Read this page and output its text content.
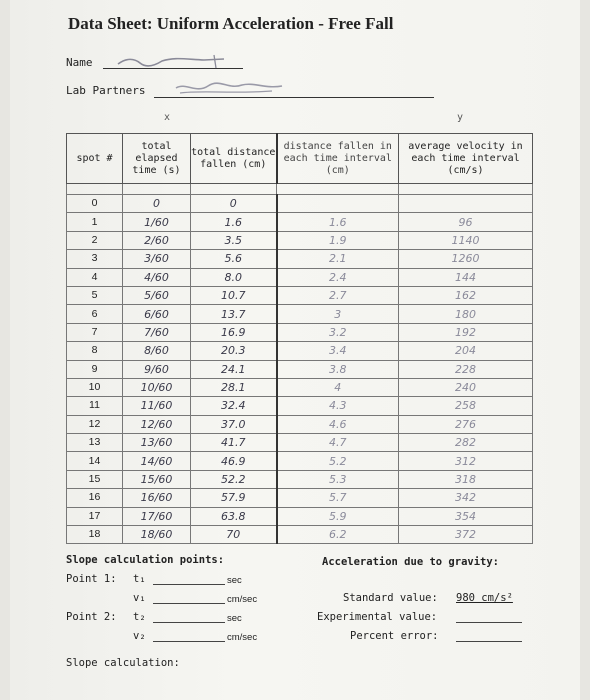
Data Sheet: Uniform Acceleration - Free Fall
Name
Lab Partners
x	y
spot #	total elapsed time (s)	total distance fallen (cm)	distance fallen in each time interval (cm)	average velocity in each time interval (cm/s)

0	0	0		
1	1/60	1.6	1.6	96
2	2/60	3.5	1.9	1140
3	3/60	5.6	2.1	1260
4	4/60	8.0	2.4	144
5	5/60	10.7	2.7	162
6	6/60	13.7	3	180
7	7/60	16.9	3.2	192
8	8/60	20.3	3.4	204
9	9/60	24.1	3.8	228
10	10/60	28.1	4	240
11	11/60	32.4	4.3	258
12	12/60	37.0	4.6	276
13	13/60	41.7	4.7	282
14	14/60	46.9	5.2	312
15	15/60	52.2	5.3	318
16	16/60	57.9	5.7	342
17	17/60	63.8	5.9	354
18	18/60	70	6.2	372
Slope calculation points:
Point 1: t₁	sec
v₁	cm/sec
Point 2: t₂	sec
v₂	cm/sec
Slope calculation:
Acceleration due to gravity:
Standard value: 980 cm/s²
Experimental value:
Percent error:
